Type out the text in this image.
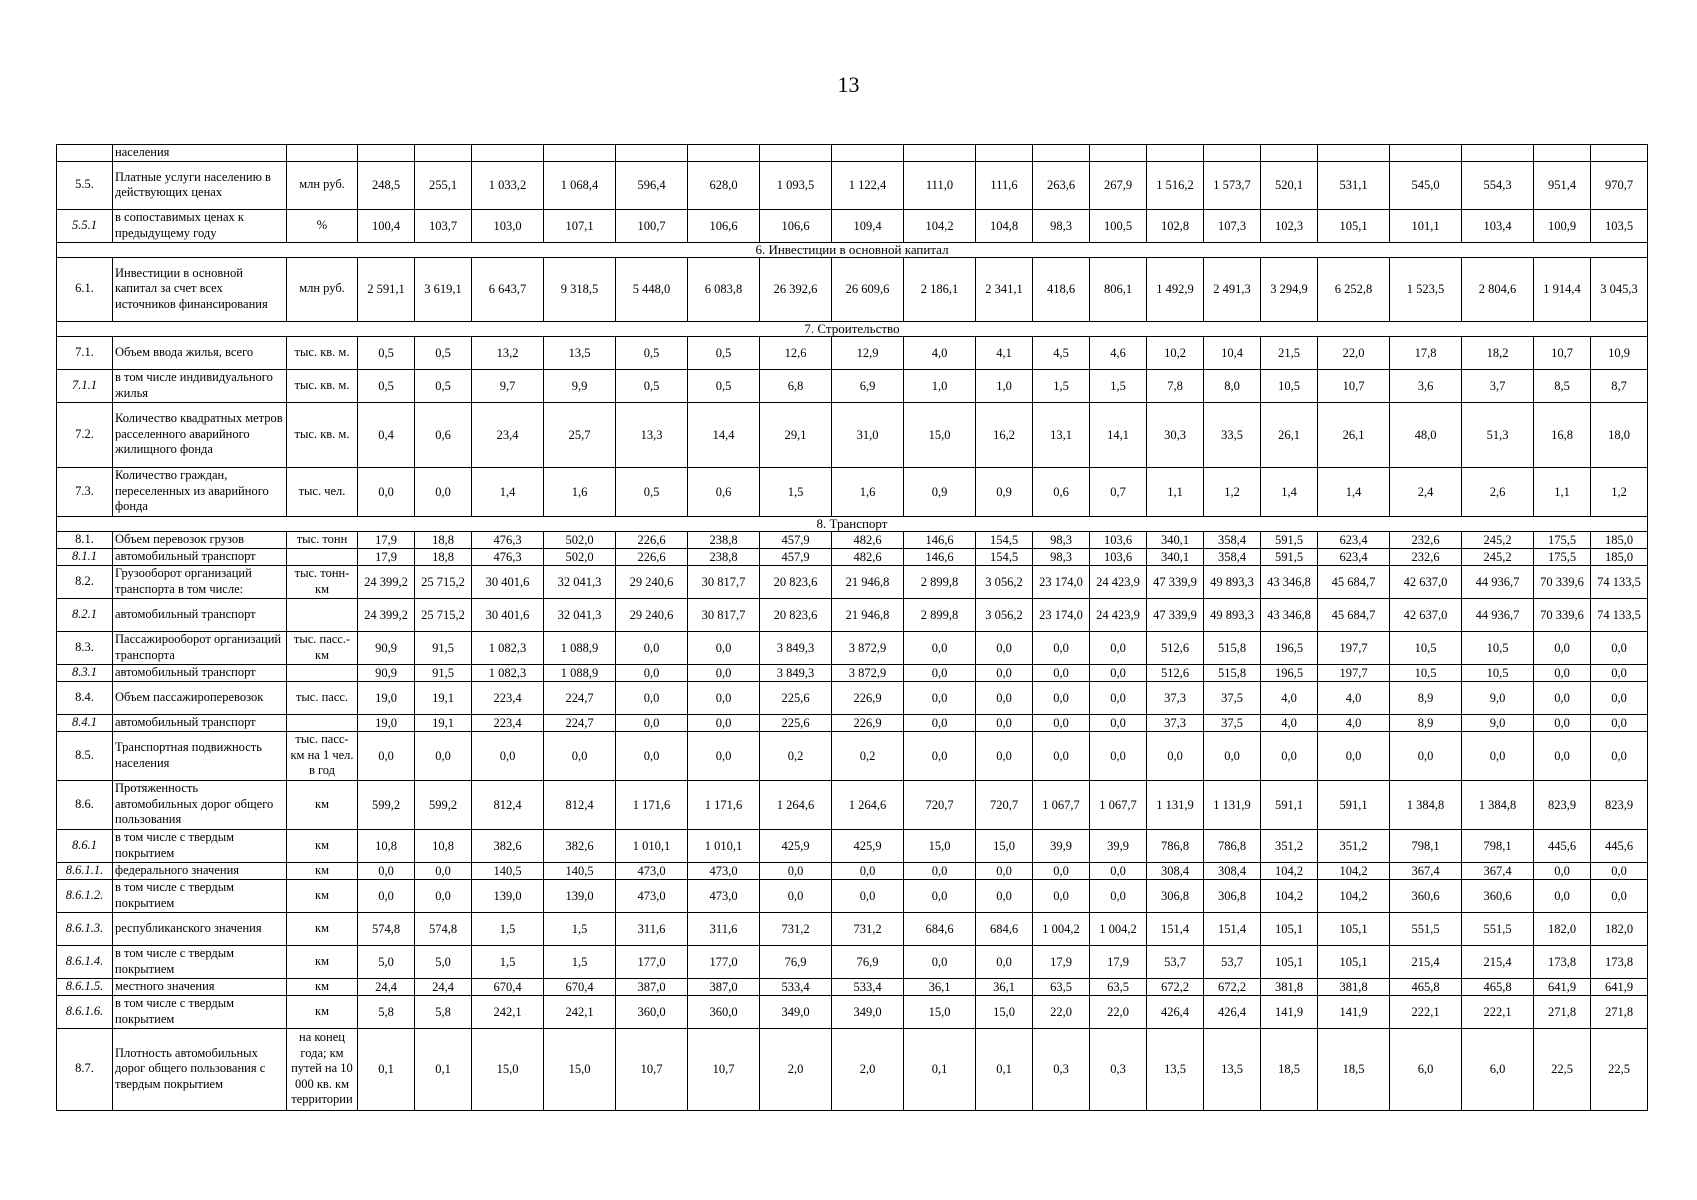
13
	населения																					
5.5.	Платные услуги населению в действующих ценах	млн руб.	248,5	255,1	1 033,2	1 068,4	596,4	628,0	1 093,5	1 122,4	111,0	111,6	263,6	267,9	1 516,2	1 573,7	520,1	531,1	545,0	554,3	951,4	970,7
5.5.1	в сопоставимых ценах к предыдущему году	%	100,4	103,7	103,0	107,1	100,7	106,6	106,6	109,4	104,2	104,8	98,3	100,5	102,8	107,3	102,3	105,1	101,1	103,4	100,9	103,5
6. Инвестиции в основной капитал																						
6.1.	Инвестиции в основной капитал за счет всех источников финансирования	млн руб.	2 591,1	3 619,1	6 643,7	9 318,5	5 448,0	6 083,8	26 392,6	26 609,6	2 186,1	2 341,1	418,6	806,1	1 492,9	2 491,3	3 294,9	6 252,8	1 523,5	2 804,6	1 914,4	3 045,3
7. Строительство																						
7.1.	Объем ввода жилья, всего	тыс. кв. м.	0,5	0,5	13,2	13,5	0,5	0,5	12,6	12,9	4,0	4,1	4,5	4,6	10,2	10,4	21,5	22,0	17,8	18,2	10,7	10,9
7.1.1	в том числе индивидуального жилья	тыс. кв. м.	0,5	0,5	9,7	9,9	0,5	0,5	6,8	6,9	1,0	1,0	1,5	1,5	7,8	8,0	10,5	10,7	3,6	3,7	8,5	8,7
7.2.	Количество квадратных метров расселенного аварийного жилищного фонда	тыс. кв. м.	0,4	0,6	23,4	25,7	13,3	14,4	29,1	31,0	15,0	16,2	13,1	14,1	30,3	33,5	26,1	26,1	48,0	51,3	16,8	18,0
7.3.	Количество граждан, переселенных из аварийного фонда	тыс. чел.	0,0	0,0	1,4	1,6	0,5	0,6	1,5	1,6	0,9	0,9	0,6	0,7	1,1	1,2	1,4	1,4	2,4	2,6	1,1	1,2
8. Транспорт																						
8.1.	Объем перевозок грузов	тыс. тонн	17,9	18,8	476,3	502,0	226,6	238,8	457,9	482,6	146,6	154,5	98,3	103,6	340,1	358,4	591,5	623,4	232,6	245,2	175,5	185,0
8.1.1	автомобильный транспорт		17,9	18,8	476,3	502,0	226,6	238,8	457,9	482,6	146,6	154,5	98,3	103,6	340,1	358,4	591,5	623,4	232,6	245,2	175,5	185,0
8.2.	Грузооборот организаций транспорта в том числе:	тыс. тонн-км	24 399,2	25 715,2	30 401,6	32 041,3	29 240,6	30 817,7	20 823,6	21 946,8	2 899,8	3 056,2	23 174,0	24 423,9	47 339,9	49 893,3	43 346,8	45 684,7	42 637,0	44 936,7	70 339,6	74 133,5
8.2.1	автомобильный транспорт		24 399,2	25 715,2	30 401,6	32 041,3	29 240,6	30 817,7	20 823,6	21 946,8	2 899,8	3 056,2	23 174,0	24 423,9	47 339,9	49 893,3	43 346,8	45 684,7	42 637,0	44 936,7	70 339,6	74 133,5
8.3.	Пассажирооборот организаций транспорта	тыс. пасс.-км	90,9	91,5	1 082,3	1 088,9	0,0	0,0	3 849,3	3 872,9	0,0	0,0	0,0	0,0	512,6	515,8	196,5	197,7	10,5	10,5	0,0	0,0
8.3.1	автомобильный транспорт		90,9	91,5	1 082,3	1 088,9	0,0	0,0	3 849,3	3 872,9	0,0	0,0	0,0	0,0	512,6	515,8	196,5	197,7	10,5	10,5	0,0	0,0
8.4.	Объем пассажироперевозок	тыс. пасс.	19,0	19,1	223,4	224,7	0,0	0,0	225,6	226,9	0,0	0,0	0,0	0,0	37,3	37,5	4,0	4,0	8,9	9,0	0,0	0,0
8.4.1	автомобильный транспорт		19,0	19,1	223,4	224,7	0,0	0,0	225,6	226,9	0,0	0,0	0,0	0,0	37,3	37,5	4,0	4,0	8,9	9,0	0,0	0,0
8.5.	Транспортная подвижность населения	тыс. пасс-км на 1 чел. в год	0,0	0,0	0,0	0,0	0,0	0,0	0,2	0,2	0,0	0,0	0,0	0,0	0,0	0,0	0,0	0,0	0,0	0,0	0,0	0,0
8.6.	Протяженность автомобильных дорог общего пользования	км	599,2	599,2	812,4	812,4	1 171,6	1 171,6	1 264,6	1 264,6	720,7	720,7	1 067,7	1 067,7	1 131,9	1 131,9	591,1	591,1	1 384,8	1 384,8	823,9	823,9
8.6.1	в том числе с твердым покрытием	км	10,8	10,8	382,6	382,6	1 010,1	1 010,1	425,9	425,9	15,0	15,0	39,9	39,9	786,8	786,8	351,2	351,2	798,1	798,1	445,6	445,6
8.6.1.1.	федерального значения	км	0,0	0,0	140,5	140,5	473,0	473,0	0,0	0,0	0,0	0,0	0,0	0,0	308,4	308,4	104,2	104,2	367,4	367,4	0,0	0,0
8.6.1.2.	в том числе с твердым покрытием	км	0,0	0,0	139,0	139,0	473,0	473,0	0,0	0,0	0,0	0,0	0,0	0,0	306,8	306,8	104,2	104,2	360,6	360,6	0,0	0,0
8.6.1.3.	республиканского значения	км	574,8	574,8	1,5	1,5	311,6	311,6	731,2	731,2	684,6	684,6	1 004,2	1 004,2	151,4	151,4	105,1	105,1	551,5	551,5	182,0	182,0
8.6.1.4.	в том числе с твердым покрытием	км	5,0	5,0	1,5	1,5	177,0	177,0	76,9	76,9	0,0	0,0	17,9	17,9	53,7	53,7	105,1	105,1	215,4	215,4	173,8	173,8
8.6.1.5.	местного значения	км	24,4	24,4	670,4	670,4	387,0	387,0	533,4	533,4	36,1	36,1	63,5	63,5	672,2	672,2	381,8	381,8	465,8	465,8	641,9	641,9
8.6.1.6.	в том числе с твердым покрытием	км	5,8	5,8	242,1	242,1	360,0	360,0	349,0	349,0	15,0	15,0	22,0	22,0	426,4	426,4	141,9	141,9	222,1	222,1	271,8	271,8
8.7.	Плотность автомобильных дорог общего пользования с твердым покрытием	на конец года; км путей на 10 000 кв. км территории	0,1	0,1	15,0	15,0	10,7	10,7	2,0	2,0	0,1	0,1	0,3	0,3	13,5	13,5	18,5	18,5	6,0	6,0	22,5	22,5
